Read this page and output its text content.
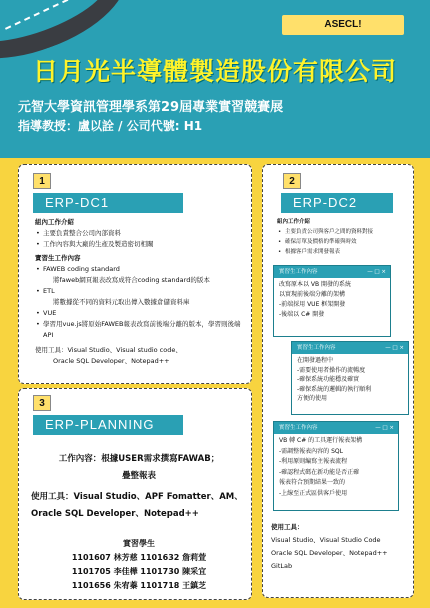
ASECL!
日月光半導體製造股份有限公司
元智大學資訊管理學系第29屆專業實習競賽展
指導教授：盧以詮 / 公司代號: H1
1
ERP-DC1
組內工作介紹
• 主要負責整合公司內部資料
• 工作內容與大廠的生產及製造密切相關
實習生工作內容
• FAWEB coding standard
將faweb網頁報表改寫成符合coding standard的版本
• ETL
將數據從不同的資料元取出傳入數據倉儲資料庫
• VUE
• 學習用vue.js將原始FAWEB報表改寫前後端分離的版本，學習則後端API
使用工具：Visual Studio、Visual studio code、
Oracle SQL Developer、Notepad++
2
ERP-DC2
組內工作介紹
• 主要負責公司與客戶之間的資料對接
• 確保訂單及價格的準確與時效
• 根據客戶需求開發報表
實習生工作內容 — □ ×
改寫原本以 VB 開發的系統
以實現前後端分離的架構
-前端採用 VUE 框架開發
-後端以 C# 開發
實習生工作內容 — □ ×
在開發過程中
-需要使用者操作的流暢度
-確保系統功能穩及確實
-確保系統的邏輯的執行順利
方便的使用
實習生工作內容 — □ ×
VB 轉 C# 的工具運行報表架構
-需調整報表內容的 SQL
-利用原則編寫主報表流程
-確認程式碼在新功能是否正確
報表符合預期結果一致的
-上線至正式區供客戶使用
使用工具：
Visual Studio、Visual Studio Code
Oracle SQL Developer、Notepad++
GitLab
3
ERP-PLANNING
工作內容：根據USER需求撰寫FAWAB；
疊整報表
使用工具：Visual Studio、APF Fomatter、AM、
Oracle SQL Developer、Notepad++
實習學生
1101607 林芳慈 1101632 詹莉萱
1101705 李佳樺 1101730 陳采宜
1101656 朱宥蓁 1101718 王鎮芝
